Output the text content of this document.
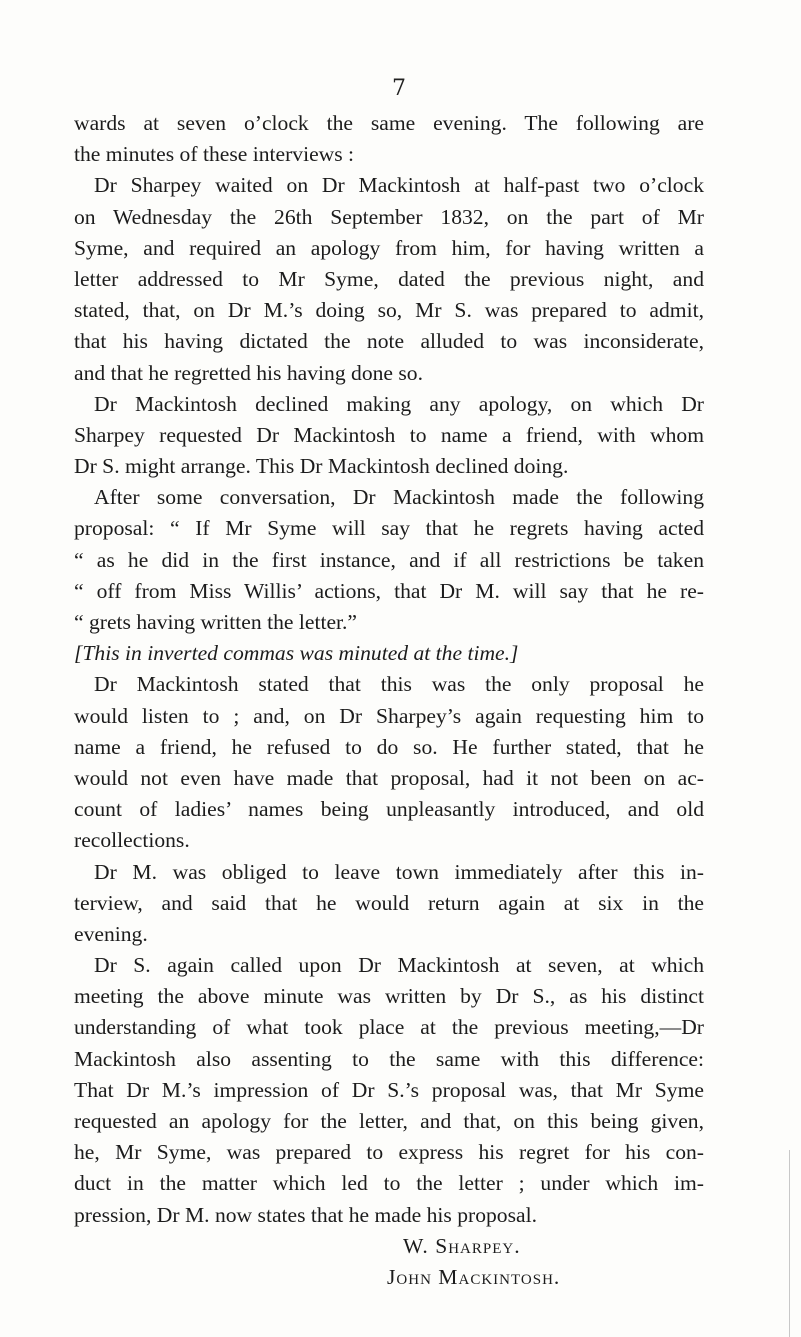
7
wards at seven o’clock the same evening. The following are
the minutes of these interviews :
Dr Sharpey waited on Dr Mackintosh at half-past two o’clock
on Wednesday the 26th September 1832, on the part of Mr
Syme, and required an apology from him, for having written a
letter addressed to Mr Syme, dated the previous night, and
stated, that, on Dr M.’s doing so, Mr S. was prepared to admit,
that his having dictated the note alluded to was inconsiderate,
and that he regretted his having done so.
Dr Mackintosh declined making any apology, on which Dr
Sharpey requested Dr Mackintosh to name a friend, with whom
Dr S. might arrange. This Dr Mackintosh declined doing.
After some conversation, Dr Mackintosh made the following
proposal: “ If Mr Syme will say that he regrets having acted
“ as he did in the first instance, and if all restrictions be taken
“ off from Miss Willis’ actions, that Dr M. will say that he re-
“ grets having written the letter.”
[This in inverted commas was minuted at the time.]
Dr Mackintosh stated that this was the only proposal he
would listen to ; and, on Dr Sharpey’s again requesting him to
name a friend, he refused to do so. He further stated, that he
would not even have made that proposal, had it not been on ac-
count of ladies’ names being unpleasantly introduced, and old
recollections.
Dr M. was obliged to leave town immediately after this in-
terview, and said that he would return again at six in the
evening.
Dr S. again called upon Dr Mackintosh at seven, at which
meeting the above minute was written by Dr S., as his distinct
understanding of what took place at the previous meeting,—Dr
Mackintosh also assenting to the same with this difference:
That Dr M.’s impression of Dr S.’s proposal was, that Mr Syme
requested an apology for the letter, and that, on this being given,
he, Mr Syme, was prepared to express his regret for his con-
duct in the matter which led to the letter ; under which im-
pression, Dr M. now states that he made his proposal.
W. Sharpey.
John Mackintosh.
